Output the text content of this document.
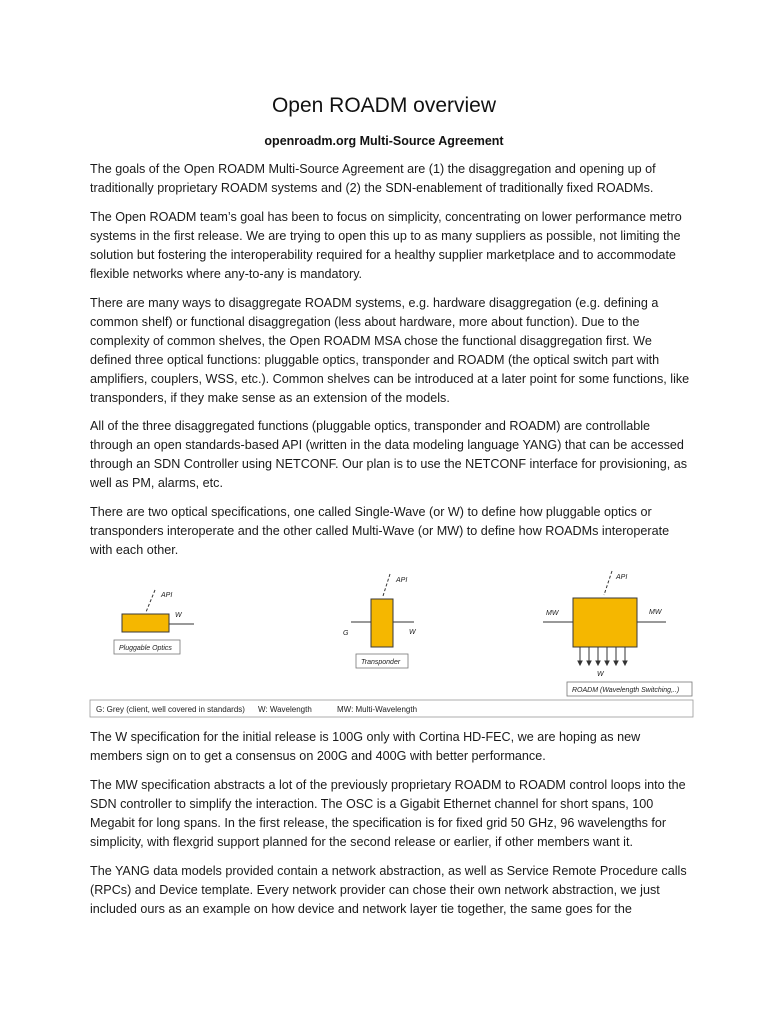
Open ROADM overview
openroadm.org Multi-Source Agreement

The goals of the Open ROADM Multi-Source Agreement are (1) the disaggregation and opening up of traditionally proprietary ROADM systems and (2) the SDN-enablement of traditionally fixed ROADMs.

The Open ROADM team’s goal has been to focus on simplicity, concentrating on lower performance metro systems in the first release. We are trying to open this up to as many suppliers as possible, not limiting the solution but fostering the interoperability required for a healthy supplier marketplace and to accommodate flexible networks where any-to-any is mandatory.

There are many ways to disaggregate ROADM systems, e.g. hardware disaggregation (e.g. defining a common shelf) or functional disaggregation (less about hardware, more about function). Due to the complexity of common shelves, the Open ROADM MSA chose the functional disaggregation first. We defined three optical functions: pluggable optics, transponder and ROADM (the optical switch part with amplifiers, couplers, WSS, etc.). Common shelves can be introduced at a later point for some functions, like transponders, if they make sense as an extension of the models.

All of the three disaggregated functions (pluggable optics, transponder and ROADM) are controllable through an open standards-based API (written in the data modeling language YANG) that can be accessed through an SDN Controller using NETCONF. Our plan is to use the NETCONF interface for provisioning, as well as PM, alarms, etc.

There are two optical specifications, one called Single-Wave (or W) to define how pluggable optics or transponders interoperate and the other called Multi-Wave (or MW) to define how ROADMs interoperate with each other.

API
W
Pluggable Optics
API
G	W
Transponder
API
MW	MW
W
ROADM (Wavelength Switching,..)
G: Grey (client, well covered in standards) W: Wavelength	MW: Multi-Wavelength

The W specification for the initial release is 100G only with Cortina HD-FEC, we are hoping as new members sign on to get a consensus on 200G and 400G with better performance.

The MW specification abstracts a lot of the previously proprietary ROADM to ROADM control loops into the SDN controller to simplify the interaction. The OSC is a Gigabit Ethernet channel for short spans, 100 Megabit for long spans. In the first release, the specification is for fixed grid 50 GHz, 96 wavelengths for simplicity, with flexgrid support planned for the second release or earlier, if other members want it.

The YANG data models provided contain a network abstraction, as well as Service Remote Procedure calls (RPCs) and Device template. Every network provider can chose their own network abstraction, we just included ours as an example on how device and network layer tie together, the same goes for the
